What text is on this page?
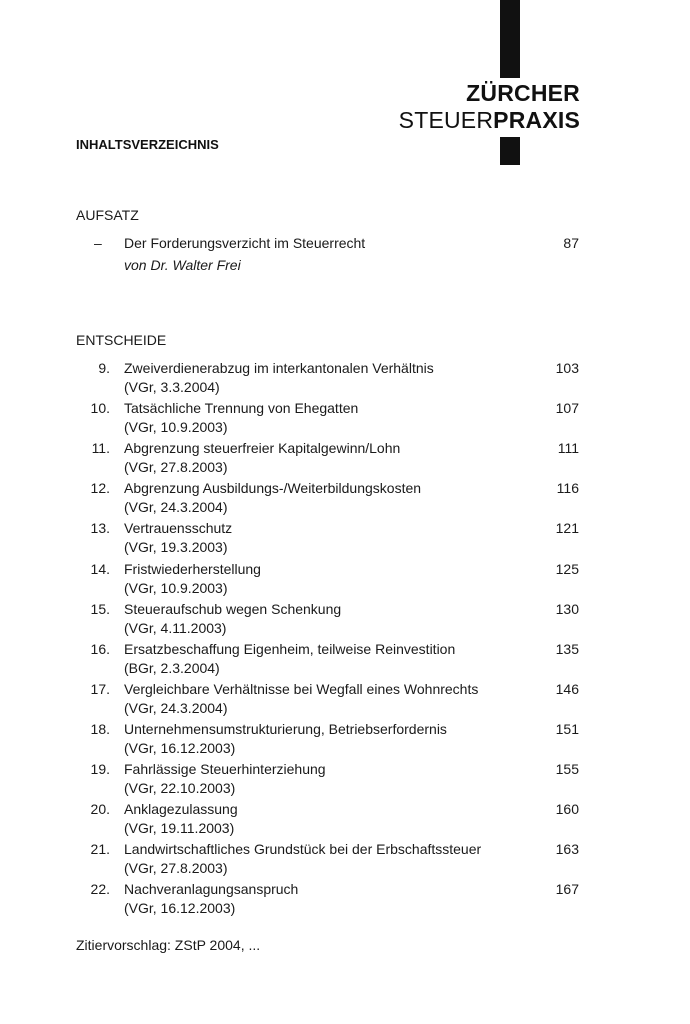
ZÜRCHER
STEUERPRAXIS
INHALTSVERZEICHNIS
AUFSATZ
– Der Forderungsverzicht im Steuerrecht	87
von Dr. Walter Frei
ENTSCHEIDE
9. Zweiverdienerabzug im interkantonalen Verhältnis	103
(VGr, 3.3.2004)
10. Tatsächliche Trennung von Ehegatten	107
(VGr, 10.9.2003)
11. Abgrenzung steuerfreier Kapitalgewinn/Lohn	111
(VGr, 27.8.2003)
12. Abgrenzung Ausbildungs-/Weiterbildungskosten	116
(VGr, 24.3.2004)
13. Vertrauensschutz	121
(VGr, 19.3.2003)
14. Fristwiederherstellung	125
(VGr, 10.9.2003)
15. Steueraufschub wegen Schenkung	130
(VGr, 4.11.2003)
16. Ersatzbeschaffung Eigenheim, teilweise Reinvestition	135
(BGr, 2.3.2004)
17. Vergleichbare Verhältnisse bei Wegfall eines Wohnrechts	146
(VGr, 24.3.2004)
18. Unternehmensumstrukturierung, Betriebserfordernis	151
(VGr, 16.12.2003)
19. Fahrlässige Steuerhinterziehung	155
(VGr, 22.10.2003)
20. Anklagezulassung	160
(VGr, 19.11.2003)
21. Landwirtschaftliches Grundstück bei der Erbschaftssteuer	163
(VGr, 27.8.2003)
22. Nachveranlagungsanspruch	167
(VGr, 16.12.2003)
Zitiervorschlag: ZStP 2004, ...
